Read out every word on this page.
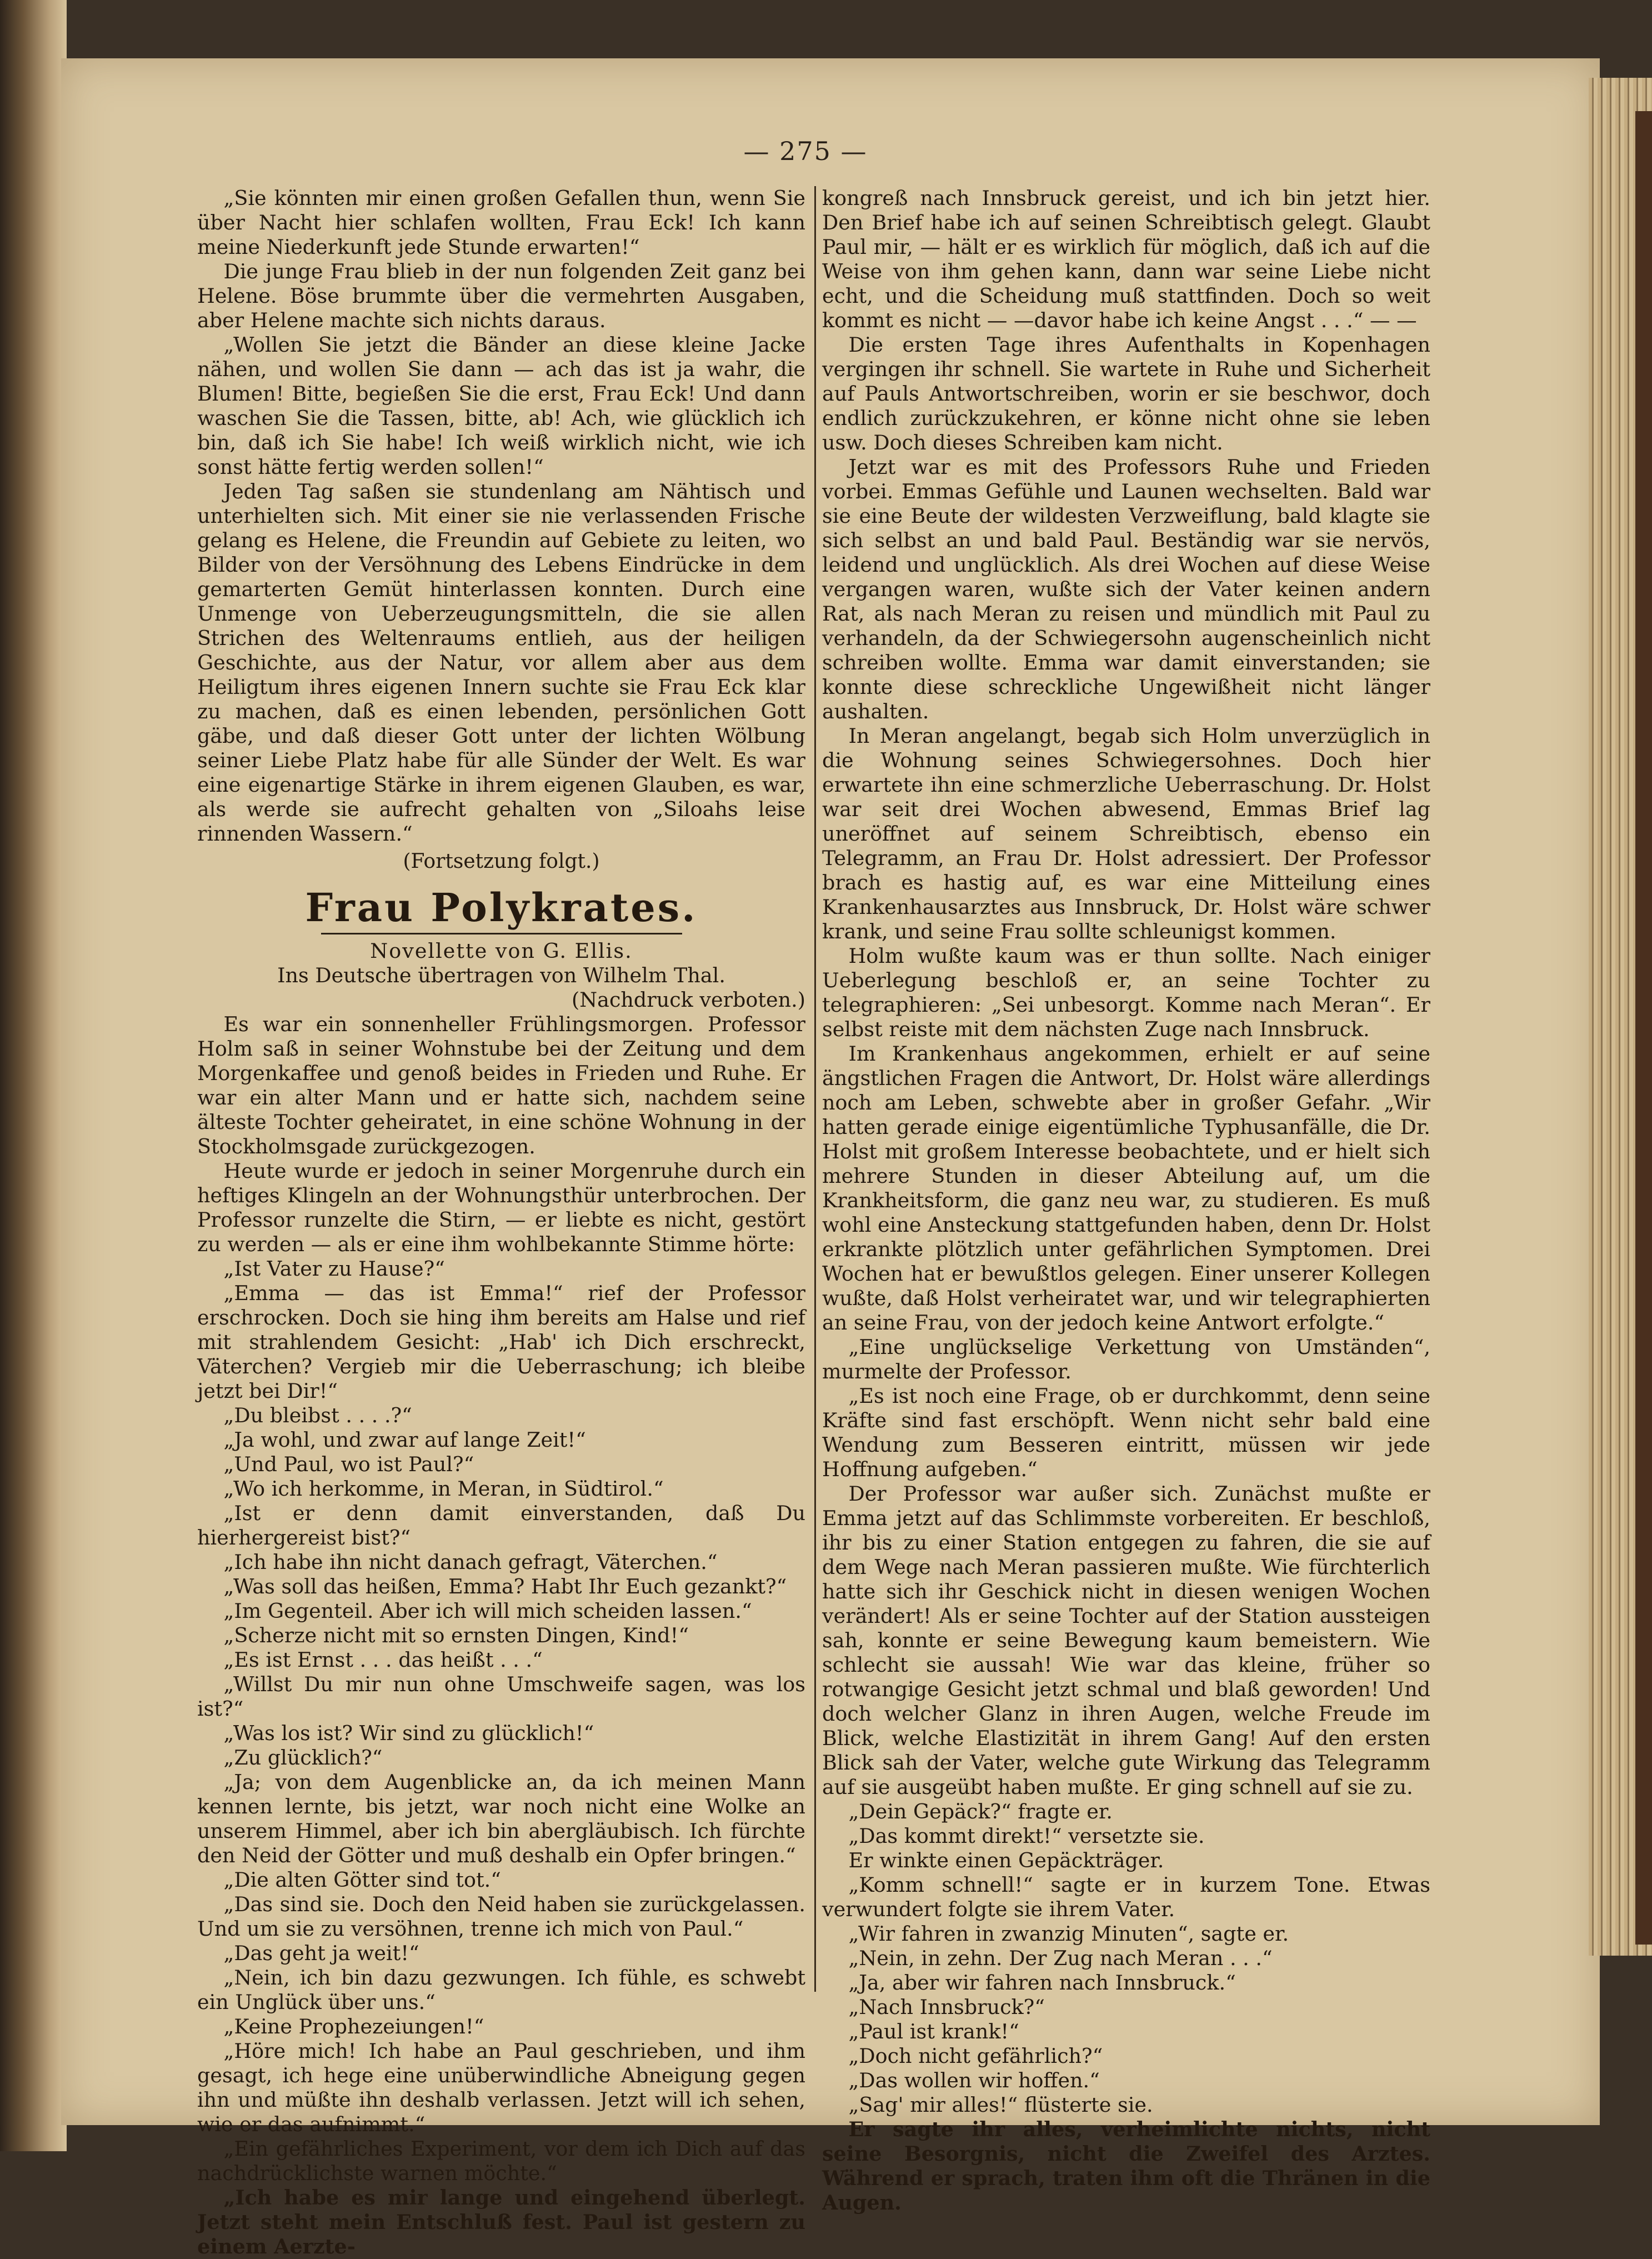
— 275 —

„Sie könnten mir einen großen Gefallen thun, wenn Sie über Nacht hier schlafen wollten, Frau Eck! Ich kann meine Niederkunft jede Stunde erwarten!“

Die junge Frau blieb in der nun folgenden Zeit ganz bei Helene. Böse brummte über die vermehrten Ausgaben, aber Helene machte sich nichts daraus.

„Wollen Sie jetzt die Bänder an diese kleine Jacke nähen, und wollen Sie dann — ach das ist ja wahr, die Blumen! Bitte, begießen Sie die erst, Frau Eck! Und dann waschen Sie die Tassen, bitte, ab! Ach, wie glücklich ich bin, daß ich Sie habe! Ich weiß wirklich nicht, wie ich sonst hätte fertig werden sollen!“

Jeden Tag saßen sie stundenlang am Nähtisch und unterhielten sich. Mit einer sie nie verlassenden Frische gelang es Helene, die Freundin auf Gebiete zu leiten, wo Bilder von der Versöhnung des Lebens Eindrücke in dem gemarterten Gemüt hinterlassen konnten. Durch eine Unmenge von Ueberzeugungsmitteln, die sie allen Strichen des Weltenraums entlieh, aus der heiligen Geschichte, aus der Natur, vor allem aber aus dem Heiligtum ihres eigenen Innern suchte sie Frau Eck klar zu machen, daß es einen lebenden, persönlichen Gott gäbe, und daß dieser Gott unter der lichten Wölbung seiner Liebe Platz habe für alle Sünder der Welt. Es war eine eigenartige Stärke in ihrem eigenen Glauben, es war, als werde sie aufrecht gehalten von „Siloahs leise rinnenden Wassern.“

(Fortsetzung folgt.)
Frau Polykrates.
Novellette von G. Ellis.
Ins Deutsche übertragen von Wilhelm Thal.
(Nachdruck verboten.)

Es war ein sonnenheller Frühlingsmorgen. Professor Holm saß in seiner Wohnstube bei der Zeitung und dem Morgenkaffee und genoß beides in Frieden und Ruhe. Er war ein alter Mann und er hatte sich, nachdem seine älteste Tochter geheiratet, in eine schöne Wohnung in der Stockholmsgade zurückgezogen.

Heute wurde er jedoch in seiner Morgenruhe durch ein heftiges Klingeln an der Wohnungsthür unterbrochen. Der Professor runzelte die Stirn, — er liebte es nicht, gestört zu werden — als er eine ihm wohlbekannte Stimme hörte:

„Ist Vater zu Hause?“

„Emma — das ist Emma!“ rief der Professor erschrocken. Doch sie hing ihm bereits am Halse und rief mit strahlendem Gesicht: „Hab' ich Dich erschreckt, Väterchen? Vergieb mir die Ueberraschung; ich bleibe jetzt bei Dir!“

„Du bleibst . . . .?“

„Ja wohl, und zwar auf lange Zeit!“

„Und Paul, wo ist Paul?“

„Wo ich herkomme, in Meran, in Südtirol.“

„Ist er denn damit einverstanden, daß Du hierhergereist bist?“

„Ich habe ihn nicht danach gefragt, Väterchen.“

„Was soll das heißen, Emma? Habt Ihr Euch gezankt?“

„Im Gegenteil. Aber ich will mich scheiden lassen.“

„Scherze nicht mit so ernsten Dingen, Kind!“

„Es ist Ernst . . . das heißt . . .“

„Willst Du mir nun ohne Umschweife sagen, was los ist?“

„Was los ist? Wir sind zu glücklich!“

„Zu glücklich?“

„Ja; von dem Augenblicke an, da ich meinen Mann kennen lernte, bis jetzt, war noch nicht eine Wolke an unserem Himmel, aber ich bin abergläubisch. Ich fürchte den Neid der Götter und muß deshalb ein Opfer bringen.“

„Die alten Götter sind tot.“

„Das sind sie. Doch den Neid haben sie zurückgelassen. Und um sie zu versöhnen, trenne ich mich von Paul.“

„Das geht ja weit!“

„Nein, ich bin dazu gezwungen. Ich fühle, es schwebt ein Unglück über uns.“

„Keine Prophezeiungen!“

„Höre mich! Ich habe an Paul geschrieben, und ihm gesagt, ich hege eine unüberwindliche Abneigung gegen ihn und müßte ihn deshalb verlassen. Jetzt will ich sehen, wie er das aufnimmt.“

„Ein gefährliches Experiment, vor dem ich Dich auf das nachdrücklichste warnen möchte.“

„Ich habe es mir lange und eingehend überlegt. Jetzt steht mein Entschluß fest. Paul ist gestern zu einem Aerzte-

kongreß nach Innsbruck gereist, und ich bin jetzt hier. Den Brief habe ich auf seinen Schreibtisch gelegt. Glaubt Paul mir, — hält er es wirklich für möglich, daß ich auf die Weise von ihm gehen kann, dann war seine Liebe nicht echt, und die Scheidung muß stattfinden. Doch so weit kommt es nicht — —davor habe ich keine Angst . . .“ — —

Die ersten Tage ihres Aufenthalts in Kopenhagen vergingen ihr schnell. Sie wartete in Ruhe und Sicherheit auf Pauls Antwortschreiben, worin er sie beschwor, doch endlich zurückzukehren, er könne nicht ohne sie leben usw. Doch dieses Schreiben kam nicht.

Jetzt war es mit des Professors Ruhe und Frieden vorbei. Emmas Gefühle und Launen wechselten. Bald war sie eine Beute der wildesten Verzweiflung, bald klagte sie sich selbst an und bald Paul. Beständig war sie nervös, leidend und unglücklich. Als drei Wochen auf diese Weise vergangen waren, wußte sich der Vater keinen andern Rat, als nach Meran zu reisen und mündlich mit Paul zu verhandeln, da der Schwiegersohn augenscheinlich nicht schreiben wollte. Emma war damit einverstanden; sie konnte diese schreckliche Ungewißheit nicht länger aushalten.

In Meran angelangt, begab sich Holm unverzüglich in die Wohnung seines Schwiegersohnes. Doch hier erwartete ihn eine schmerzliche Ueberraschung. Dr. Holst war seit drei Wochen abwesend, Emmas Brief lag uneröffnet auf seinem Schreibtisch, ebenso ein Telegramm, an Frau Dr. Holst adressiert. Der Professor brach es hastig auf, es war eine Mitteilung eines Krankenhausarztes aus Innsbruck, Dr. Holst wäre schwer krank, und seine Frau sollte schleunigst kommen.

Holm wußte kaum was er thun sollte. Nach einiger Ueberlegung beschloß er, an seine Tochter zu telegraphieren: „Sei unbesorgt. Komme nach Meran“. Er selbst reiste mit dem nächsten Zuge nach Innsbruck.

Im Krankenhaus angekommen, erhielt er auf seine ängstlichen Fragen die Antwort, Dr. Holst wäre allerdings noch am Leben, schwebte aber in großer Gefahr. „Wir hatten gerade einige eigentümliche Typhusanfälle, die Dr. Holst mit großem Interesse beobachtete, und er hielt sich mehrere Stunden in dieser Abteilung auf, um die Krankheitsform, die ganz neu war, zu studieren. Es muß wohl eine Ansteckung stattgefunden haben, denn Dr. Holst erkrankte plötzlich unter gefährlichen Symptomen. Drei Wochen hat er bewußtlos gelegen. Einer unserer Kollegen wußte, daß Holst verheiratet war, und wir telegraphierten an seine Frau, von der jedoch keine Antwort erfolgte.“

„Eine unglückselige Verkettung von Umständen“, murmelte der Professor.

„Es ist noch eine Frage, ob er durchkommt, denn seine Kräfte sind fast erschöpft. Wenn nicht sehr bald eine Wendung zum Besseren eintritt, müssen wir jede Hoffnung aufgeben.“

Der Professor war außer sich. Zunächst mußte er Emma jetzt auf das Schlimmste vorbereiten. Er beschloß, ihr bis zu einer Station entgegen zu fahren, die sie auf dem Wege nach Meran passieren mußte. Wie fürchterlich hatte sich ihr Geschick nicht in diesen wenigen Wochen verändert! Als er seine Tochter auf der Station aussteigen sah, konnte er seine Bewegung kaum bemeistern. Wie schlecht sie aussah! Wie war das kleine, früher so rotwangige Gesicht jetzt schmal und blaß geworden! Und doch welcher Glanz in ihren Augen, welche Freude im Blick, welche Elastizität in ihrem Gang! Auf den ersten Blick sah der Vater, welche gute Wirkung das Telegramm auf sie ausgeübt haben mußte. Er ging schnell auf sie zu.

„Dein Gepäck?“ fragte er.

„Das kommt direkt!“ versetzte sie.

Er winkte einen Gepäckträger.

„Komm schnell!“ sagte er in kurzem Tone. Etwas verwundert folgte sie ihrem Vater.

„Wir fahren in zwanzig Minuten“, sagte er.

„Nein, in zehn. Der Zug nach Meran . . .“

„Ja, aber wir fahren nach Innsbruck.“

„Nach Innsbruck?“

„Paul ist krank!“

„Doch nicht gefährlich?“

„Das wollen wir hoffen.“

„Sag' mir alles!“ flüsterte sie.

Er sagte ihr alles, verheimlichte nichts, nicht seine Besorgnis, nicht die Zweifel des Arztes. Während er sprach, traten ihm oft die Thränen in die Augen.
